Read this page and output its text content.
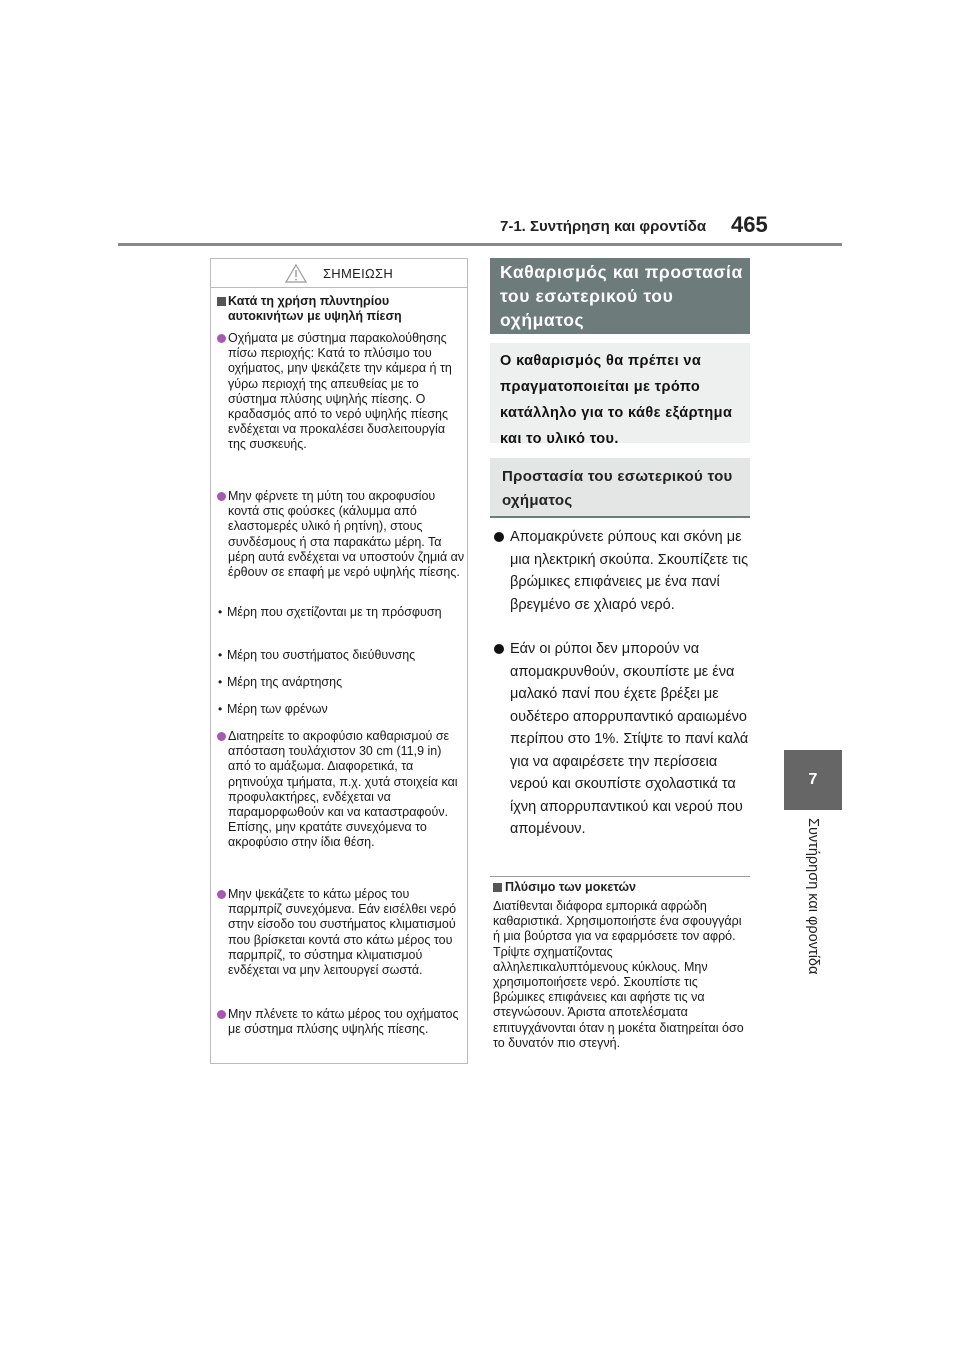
7-1. Συντήρηση και φροντίδα 465
7
Συντήρηση και φροντίδα
ΣΗΜΕΙΩΣΗ
Κατά τη χρήση πλυντηρίου αυτοκινήτων με υψηλή πίεση
Οχήματα με σύστημα παρακολούθησης πίσω περιοχής: Κατά το πλύσιμο του οχήματος, μην ψεκάζετε την κάμερα ή τη γύρω περιοχή της απευθείας με το σύστημα πλύσης υψηλής πίεσης. Ο κραδασμός από το νερό υψηλής πίεσης ενδέχεται να προκαλέσει δυσλειτουργία της συσκευής.
Μην φέρνετε τη μύτη του ακροφυσίου κοντά στις φούσκες (κάλυμμα από ελαστομερές υλικό ή ρητίνη), στους συνδέσμους ή στα παρακάτω μέρη. Τα μέρη αυτά ενδέχεται να υποστούν ζημιά αν έρθουν σε επαφή με νερό υψηλής πίεσης.
• Μέρη που σχετίζονται με τη πρόσφυση
• Μέρη του συστήματος διεύθυνσης
• Μέρη της ανάρτησης
• Μέρη των φρένων
Διατηρείτε το ακροφύσιο καθαρισμού σε απόσταση τουλάχιστον 30 cm (11,9 in) από το αμάξωμα. Διαφορετικά, τα ρητινούχα τμήματα, π.χ. χυτά στοιχεία και προφυλακτήρες, ενδέχεται να παραμορφωθούν και να καταστραφούν. Επίσης, μην κρατάτε συνεχόμενα το ακροφύσιο στην ίδια θέση.
Μην ψεκάζετε το κάτω μέρος του παρμπρίζ συνεχόμενα. Εάν εισέλθει νερό στην είσοδο του συστήματος κλιματισμού που βρίσκεται κοντά στο κάτω μέρος του παρμπρίζ, το σύστημα κλιματισμού ενδέχεται να μην λειτουργεί σωστά.
Μην πλένετε το κάτω μέρος του οχήματος με σύστημα πλύσης υψηλής πίεσης.
Καθαρισμός και προστασία του εσωτερικού του οχήματος
Ο καθαρισμός θα πρέπει να πραγματοποιείται με τρόπο κατάλληλο για το κάθε εξάρτημα και το υλικό του.
Προστασία του εσωτερικού του οχήματος
Απομακρύνετε ρύπους και σκόνη με μια ηλεκτρική σκούπα. Σκουπίζετε τις βρώμικες επιφάνειες με ένα πανί βρεγμένο σε χλιαρό νερό.
Εάν οι ρύποι δεν μπορούν να απομακρυνθούν, σκουπίστε με ένα μαλακό πανί που έχετε βρέξει με ουδέτερο απορρυπαντικό αραιωμένο περίπου στο 1%. Στίψτε το πανί καλά για να αφαιρέσετε την περίσσεια νερού και σκουπίστε σχολαστικά τα ίχνη απορρυπαντικού και νερού που απομένουν.
Πλύσιμο των μοκετών
Διατίθενται διάφορα εμπορικά αφρώδη καθαριστικά. Χρησιμοποιήστε ένα σφουγγάρι ή μια βούρτσα για να εφαρμόσετε τον αφρό. Τρίψτε σχηματίζοντας αλληλεπικαλυπτόμενους κύκλους. Μην χρησιμοποιήσετε νερό. Σκουπίστε τις βρώμικες επιφάνειες και αφήστε τις να στεγνώσουν. Άριστα αποτελέσματα επιτυγχάνονται όταν η μοκέτα διατηρείται όσο το δυνατόν πιο στεγνή.
